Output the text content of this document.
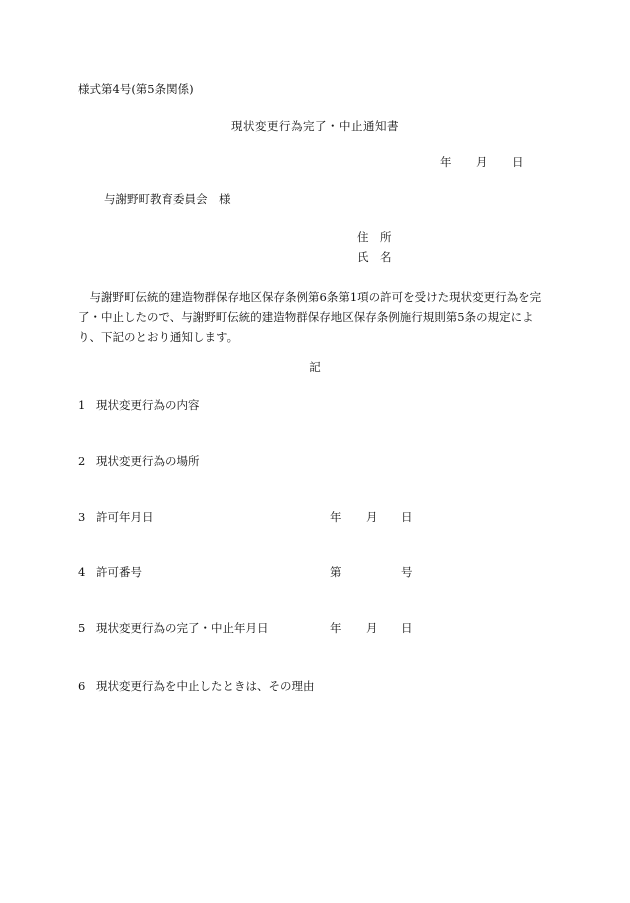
様式第4号(第5条関係)
現状変更行為完了・中止通知書
年 月 日
与謝野町教育委員会　様
住　所
氏　名
　与謝野町伝統的建造物群保存地区保存条例第6条第1項の許可を受けた現状変更行為を完了・中止したので、与謝野町伝統的建造物群保存地区保存条例施行規則第5条の規定により、下記のとおり通知します。
記
1 現状変更行為の内容
2 現状変更行為の場所
3 許可年月日	年 月 日
4 許可番号	第	号
5 現状変更行為の完了・中止年月日	年 月 日
6 現状変更行為を中止したときは、その理由
